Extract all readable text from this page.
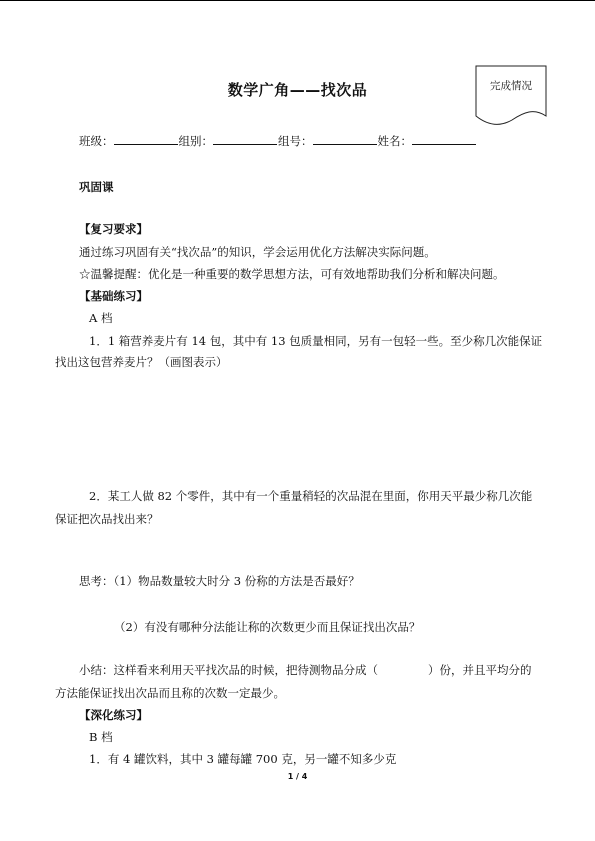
完成情况
数学广角——找次品
班级：	组别：	组号：	姓名：
巩固课
【复习要求】
通过练习巩固有关“找次品”的知识，学会运用优化方法解决实际问题。
☆温馨提醒：优化是一种重要的数学思想方法，可有效地帮助我们分析和解决问题。
【基础练习】
A 档
1．1 箱营养麦片有 14 包，其中有 13 包质量相同，另有一包轻一些。至少称几次能保证
找出这包营养麦片？（画图表示）
2．某工人做 82 个零件，其中有一个重量稍轻的次品混在里面，你用天平最少称几次能
保证把次品找出来？
思考：（1）物品数量较大时分 3 份称的方法是否最好？
（2）有没有哪种分法能让称的次数更少而且保证找出次品？
小结：这样看来利用天平找次品的时候，把待测物品分成（	）份，并且平均分的
方法能保证找出次品而且称的次数一定最少。
【深化练习】
B 档
1．有 4 罐饮料，其中 3 罐每罐 700 克，另一罐不知多少克
1 / 4
